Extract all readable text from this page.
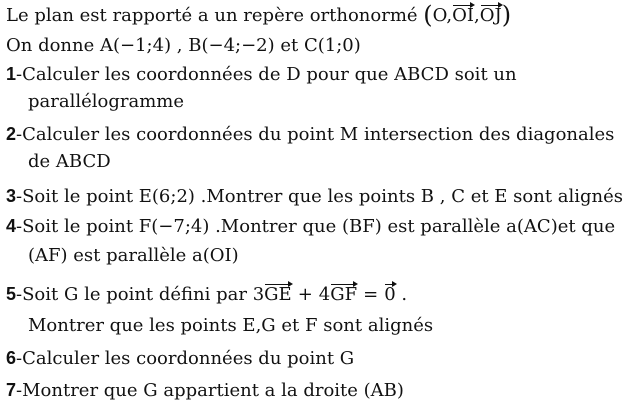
Le plan est rapporté a un repère orthonormé (O,OI,OJ)
On donne A(−1;4) , B(−4;−2) et C(1;0)
1-Calculer les coordonnées de D pour que ABCD soit un
parallélogramme
2-Calculer les coordonnées du point M intersection des diagonales
de ABCD
3-Soit le point E(6;2) .Montrer que les points B , C et E sont alignés
4-Soit le point F(−7;4) .Montrer que (BF) est parallèle a(AC)et que
(AF) est parallèle a(OI)
5-Soit G le point défini par 3GE + 4GF = 0 .
Montrer que les points E,G et F sont alignés
6-Calculer les coordonnées du point G
7-Montrer que G appartient a la droite (AB)
